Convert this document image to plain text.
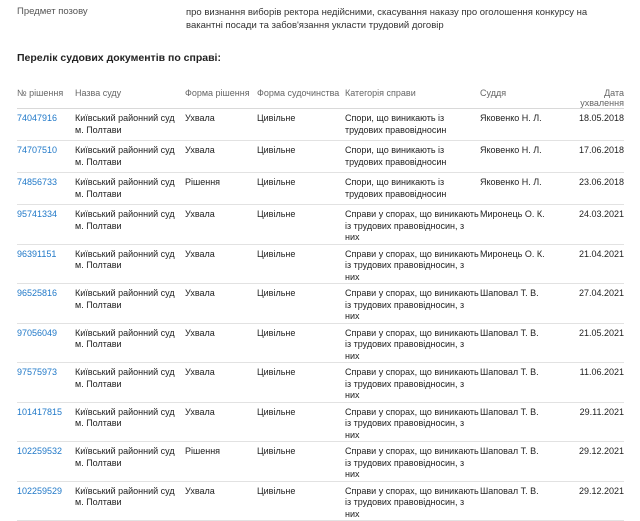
Предмет позову	про визнання виборів ректора недійсними, скасування наказу про оголошення конкурсу на вакантні посади та забов'язання укласти трудовий договір
Перелік судових документів по справі:
№ рішення	Назва суду	Форма рішення	Форма судочинства	Категорія справи	Суддя	Дата ухвалення

74047916	Київський районний суд м. Полтави	Ухвала	Цивільне	Спори, що виникають із трудових правовідносин	Яковенко Н. Л.	18.05.2018

74707510	Київський районний суд м. Полтави	Ухвала	Цивільне	Спори, що виникають із трудових правовідносин	Яковенко Н. Л.	17.06.2018

74856733	Київський районний суд м. Полтави	Рішення	Цивільне	Спори, що виникають із трудових правовідносин	Яковенко Н. Л.	23.06.2018

95741334	Київський районний суд м. Полтави	Ухвала	Цивільне	Справи у спорах, що виникають із трудових правовідносин, з них	Миронець О. К.	24.03.2021

96391151	Київський районний суд м. Полтави	Ухвала	Цивільне	Справи у спорах, що виникають із трудових правовідносин, з них	Миронець О. К.	21.04.2021

96525816	Київський районний суд м. Полтави	Ухвала	Цивільне	Справи у спорах, що виникають із трудових правовідносин, з них	Шаповал Т. В.	27.04.2021

97056049	Київський районний суд м. Полтави	Ухвала	Цивільне	Справи у спорах, що виникають із трудових правовідносин, з них	Шаповал Т. В.	21.05.2021

97575973	Київський районний суд м. Полтави	Ухвала	Цивільне	Справи у спорах, що виникають із трудових правовідносин, з них	Шаповал Т. В.	11.06.2021

101417815	Київський районний суд м. Полтави	Ухвала	Цивільне	Справи у спорах, що виникають із трудових правовідносин, з них	Шаповал Т. В.	29.11.2021

102259532	Київський районний суд м. Полтави	Рішення	Цивільне	Справи у спорах, що виникають із трудових правовідносин, з них	Шаповал Т. В.	29.12.2021

102259529	Київський районний суд м. Полтави	Ухвала	Цивільне	Справи у спорах, що виникають із трудових правовідносин, з них	Шаповал Т. В.	29.12.2021
